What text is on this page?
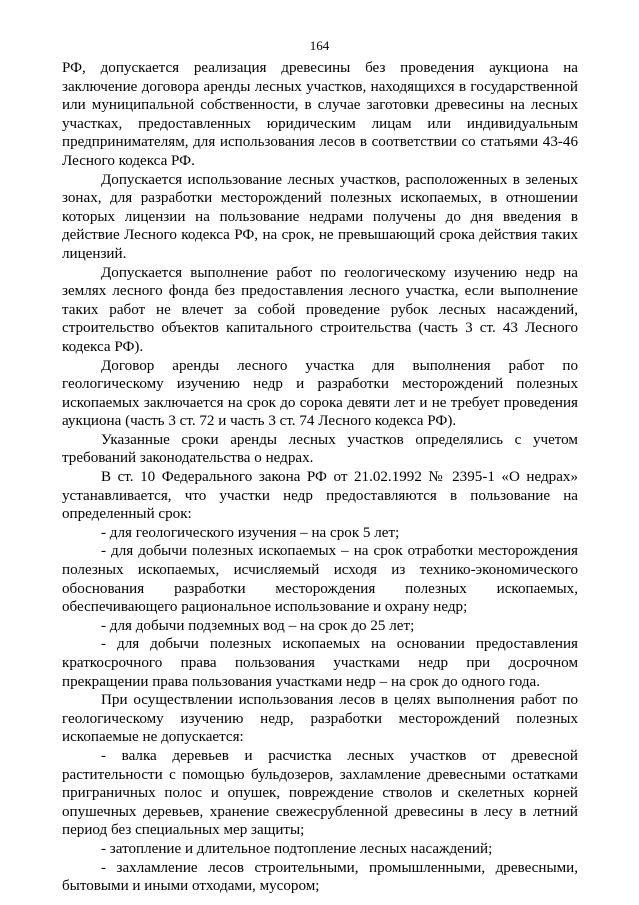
164

РФ, допускается реализация древесины без проведения аукциона на заключение договора аренды лесных участков, находящихся в государственной или муниципальной собственности, в случае заготовки древесины на лесных участках, предоставленных юридическим лицам или индивидуальным предпринимателям, для использования лесов в соответствии со статьями 43-46 Лесного кодекса РФ.

Допускается использование лесных участков, расположенных в зеленых зонах, для разработки месторождений полезных ископаемых, в отношении которых лицензии на пользование недрами получены до дня введения в действие Лесного кодекса РФ, на срок, не превышающий срока действия таких лицензий.

Допускается выполнение работ по геологическому изучению недр на землях лесного фонда без предоставления лесного участка, если выполнение таких работ не влечет за собой проведение рубок лесных насаждений, строительство объектов капитального строительства (часть 3 ст. 43 Лесного кодекса РФ).

Договор аренды лесного участка для выполнения работ по геологическому изучению недр и разработки месторождений полезных ископаемых заключается на срок до сорока девяти лет и не требует проведения аукциона (часть 3 ст. 72 и часть 3 ст. 74 Лесного кодекса РФ).

Указанные сроки аренды лесных участков определялись с учетом требований законодательства о недрах.

В ст. 10 Федерального закона РФ от 21.02.1992 № 2395-1 «О недрах» устанавливается, что участки недр предоставляются в пользование на определенный срок:

- для геологического изучения – на срок 5 лет;

- для добычи полезных ископаемых – на срок отработки месторождения полезных ископаемых, исчисляемый исходя из технико-экономического обоснования разработки месторождения полезных ископаемых, обеспечивающего рациональное использование и охрану недр;

- для добычи подземных вод – на срок до 25 лет;

- для добычи полезных ископаемых на основании предоставления краткосрочного права пользования участками недр при досрочном прекращении права пользования участками недр – на срок до одного года.

При осуществлении использования лесов в целях выполнения работ по геологическому изучению недр, разработки месторождений полезных ископаемые не допускается:

- валка деревьев и расчистка лесных участков от древесной растительности с помощью бульдозеров, захламление древесными остатками приграничных полос и опушек, повреждение стволов и скелетных корней опушечных деревьев, хранение свежесрубленной древесины в лесу в летний период без специальных мер защиты;

- затопление и длительное подтопление лесных насаждений;

- захламление лесов строительными, промышленными, древесными, бытовыми и иными отходами, мусором;
